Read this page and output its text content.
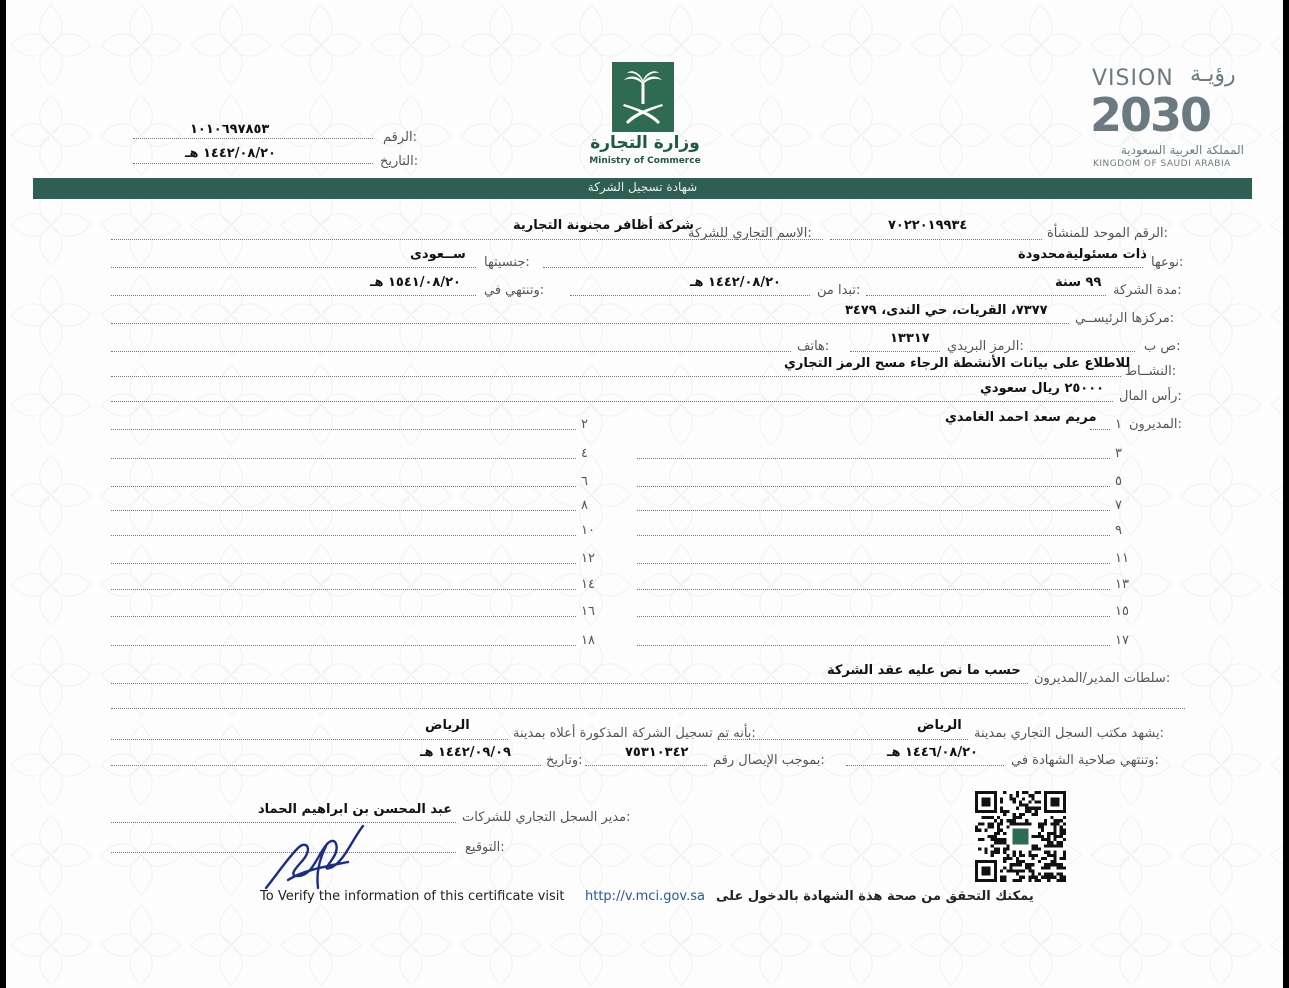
وزارة التجارة
Ministry of Commerce
VISION رؤيـة
2030
المملكة العربية السعودية
KINGDOM OF SAUDI ARABIA
الرقم:
١٠١٠٦٩٧٨٥٣
التاريخ:
١٤٤٢/٠٨/٢٠ هـ
شهادة تسجيل الشركة
الرقم الموحد للمنشأة:
٧٠٢٢٠١٩٩٣٤
الاسم التجاري للشركة:
شركة أظافر مجنونة التجارية
نوعها:
ذات مسئوليةمحدودة
جنسيتها:
ســعودى
مدة الشركة:
٩٩ سنة
تبدا من:
١٤٤٢/٠٨/٢٠ هـ
وتنتهي في:
١٥٤١/٠٨/٢٠ هـ
مركزها الرئيســي:
٧٣٧٧، القريات، حي الندى، ٣٤٧٩
ص ب:
الرمز البريدي:
١٣٣١٧
هاتف:
النشــاط:
للاطلاع على بيانات الأنشطة الرجاء مسح الرمز التجاري
رأس المال:
٢٥٠٠٠ ريال سعودي
المديرون:
مريم سعد احمد الغامدي ١
٢
٣
٤
٥
٦
٧
٨
٩
١٠
١١
١٢
١٣
١٤
١٥
١٦
١٧
١٨
سلطات المدير/المديرون:
حسب ما نص عليه عقد الشركة
يشهد مكتب السجل التجاري بمدينة:
الرياض
بأنه تم تسجيل الشركة المذكورة أعلاه بمدينة:
الرياض
وتنتهي صلاحية الشهادة في:
١٤٤٦/٠٨/٢٠ هـ
بموجب الإيصال رقم:
٧٥٣١٠٣٤٢
وتاريخ:
١٤٤٢/٠٩/٠٩ هـ
مدير السجل التجاري للشركات:
عبد المحسن بن ابراهيم الحماد
التوقيع:
To Verify the information of this certificate visit http://v.mci.gov.sa يمكنك التحقق من صحة هذة الشهادة بالدخول على
